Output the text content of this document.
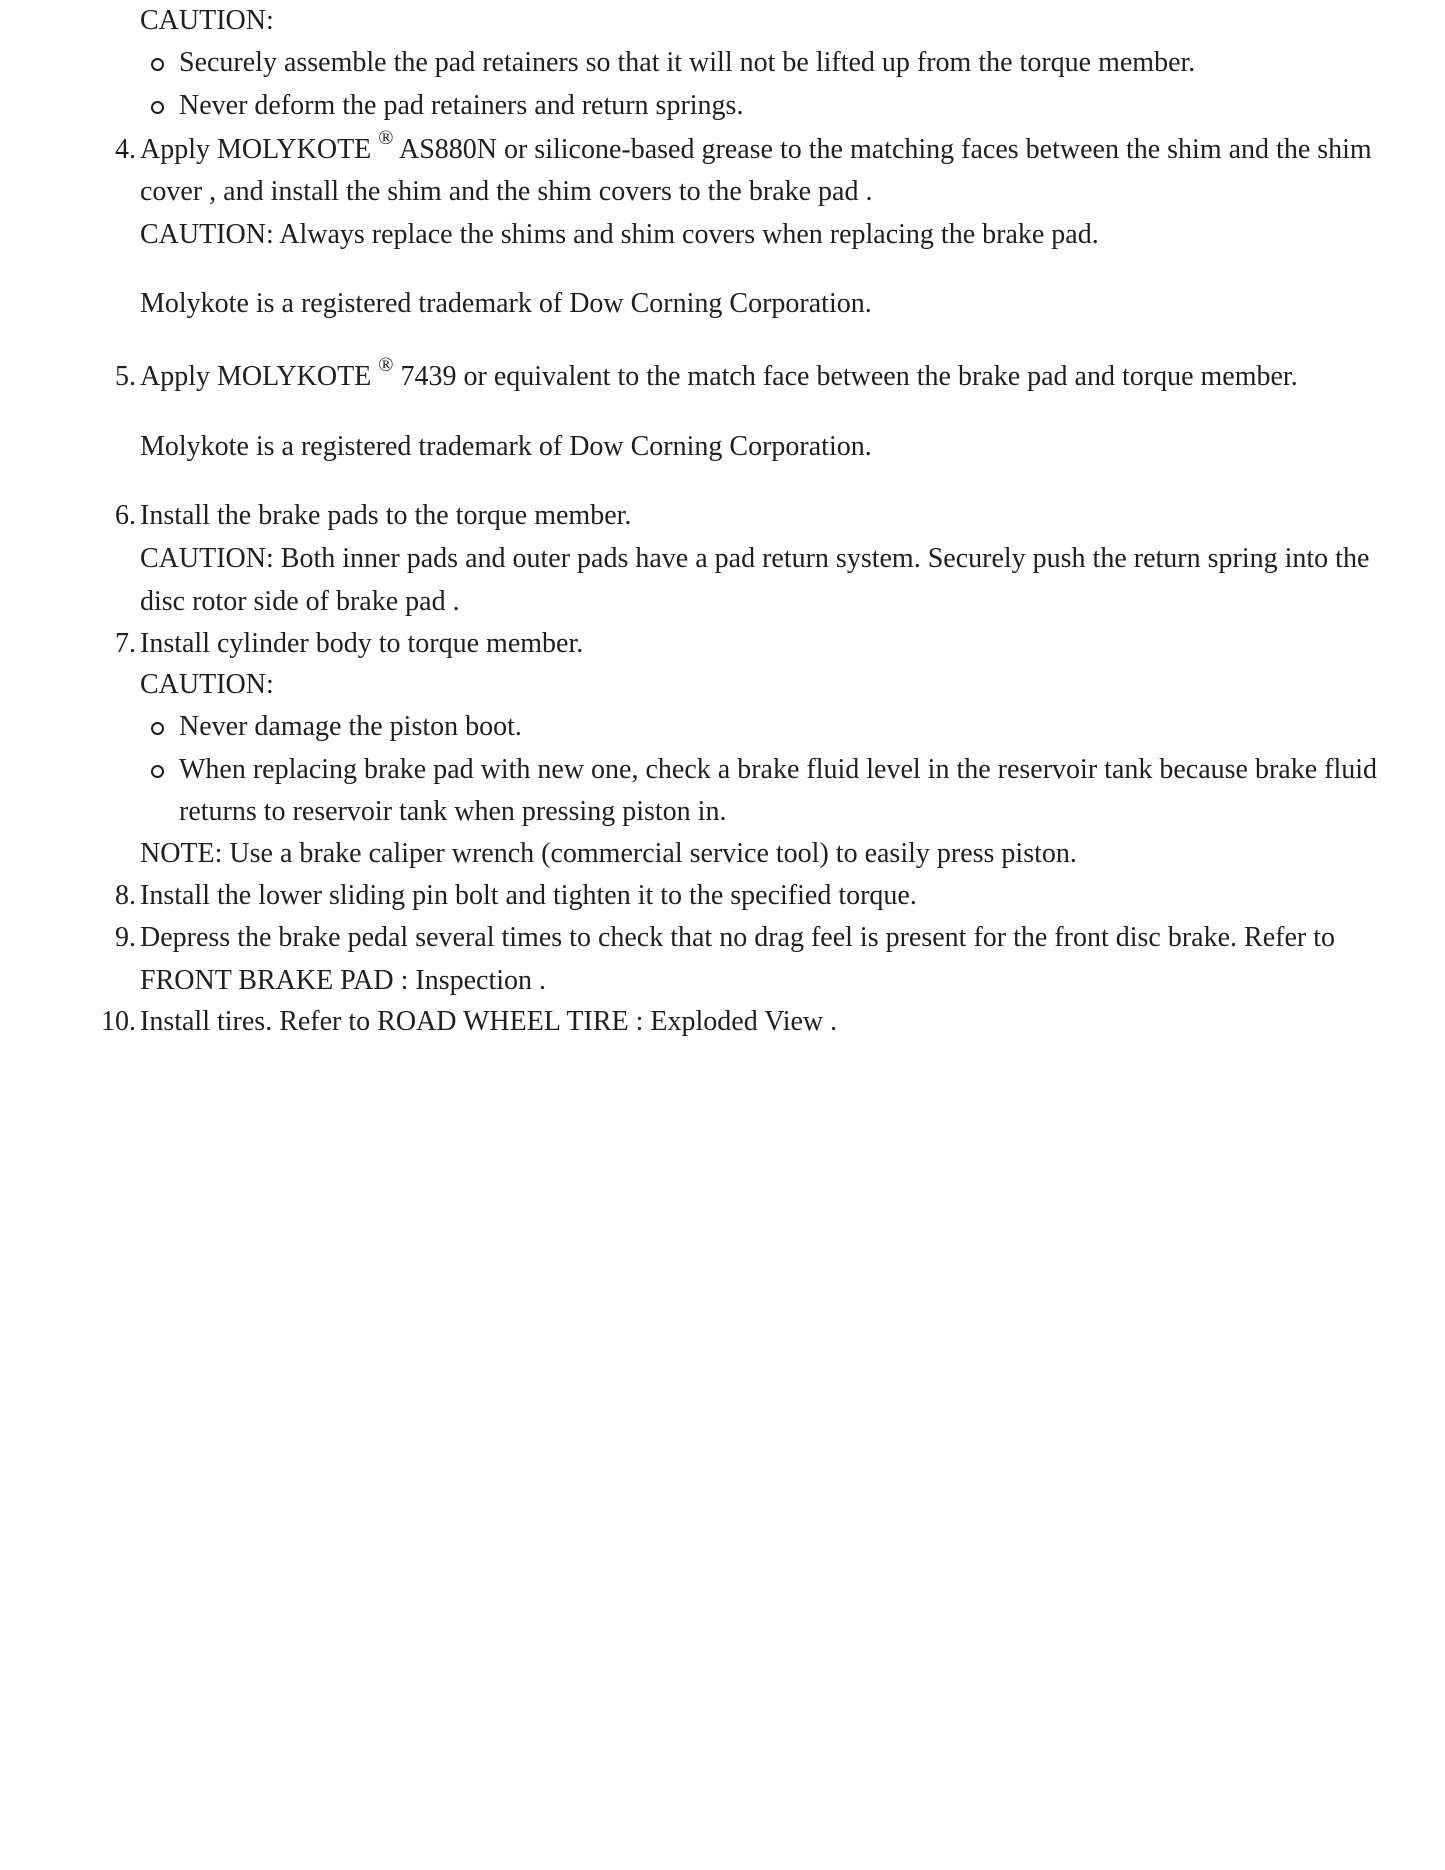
CAUTION:
Securely assemble the pad retainers so that it will not be lifted up from the torque member.
Never deform the pad retainers and return springs.
4. Apply MOLYKOTE ® AS880N or silicone-based grease to the matching faces between the shim and the shim
cover , and install the shim and the shim covers to the brake pad .
CAUTION: Always replace the shims and shim covers when replacing the brake pad.
Molykote is a registered trademark of Dow Corning Corporation.
5. Apply MOLYKOTE ® 7439 or equivalent to the match face between the brake pad and torque member.
Molykote is a registered trademark of Dow Corning Corporation.
6. Install the brake pads to the torque member.
CAUTION: Both inner pads and outer pads have a pad return system. Securely push the return spring into the
disc rotor side of brake pad .
7. Install cylinder body to torque member.
CAUTION:
Never damage the piston boot.
When replacing brake pad with new one, check a brake fluid level in the reservoir tank because brake fluid
returns to reservoir tank when pressing piston in.
NOTE: Use a brake caliper wrench (commercial service tool) to easily press piston.
8. Install the lower sliding pin bolt and tighten it to the specified torque.
9. Depress the brake pedal several times to check that no drag feel is present for the front disc brake. Refer to
FRONT BRAKE PAD : Inspection .
10. Install tires. Refer to ROAD WHEEL TIRE : Exploded View .
